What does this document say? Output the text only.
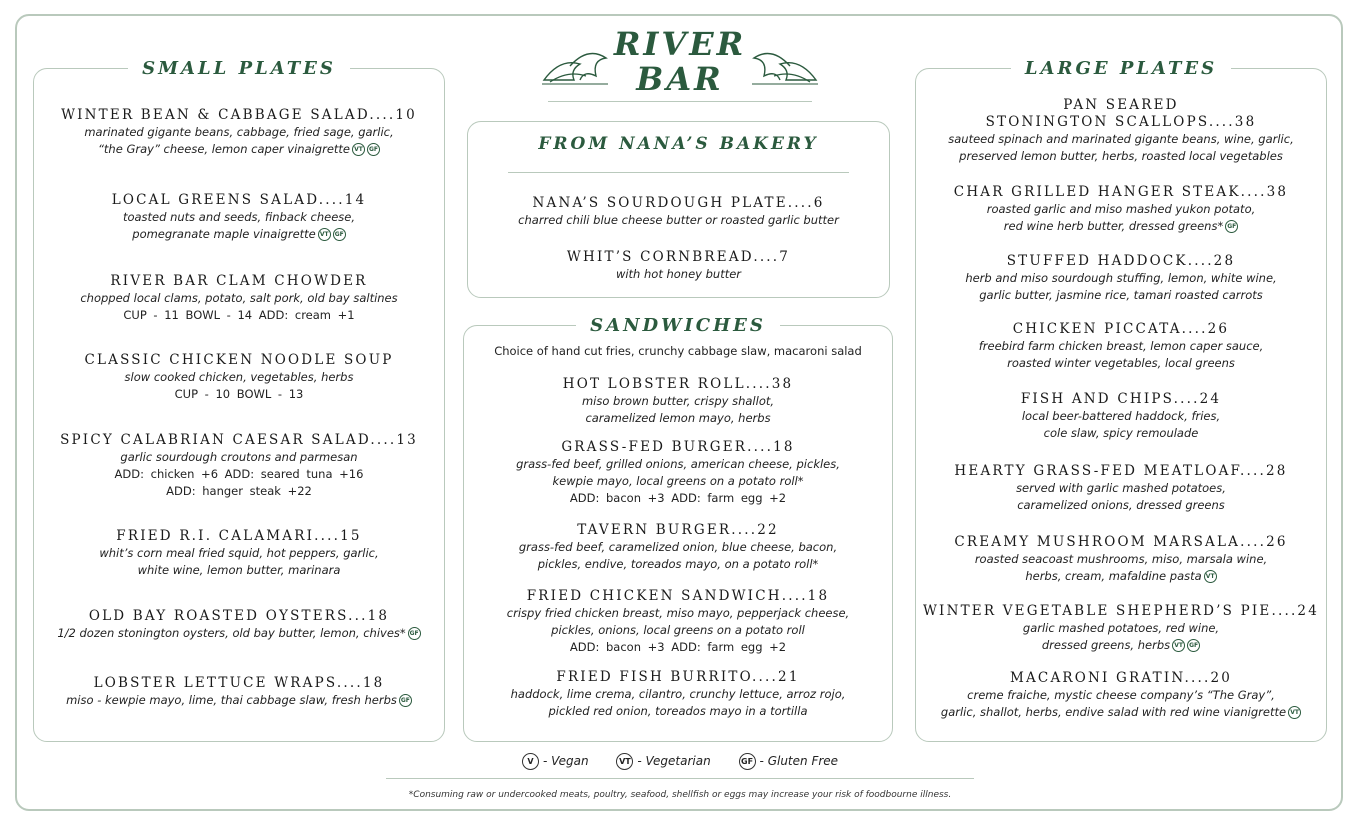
RIVER
BAR
SMALL PLATES
WINTER BEAN & CABBAGE SALAD....10
marinated gigante beans, cabbage, fried sage, garlic,
“the Gray” cheese, lemon caper vinaigrette VT GF
LOCAL GREENS SALAD....14
toasted nuts and seeds, finback cheese,
pomegranate maple vinaigrette VT GF
RIVER BAR CLAM CHOWDER
chopped local clams, potato, salt pork, old bay saltines
CUP - 11 BOWL - 14 ADD: cream +1
CLASSIC CHICKEN NOODLE SOUP
slow cooked chicken, vegetables, herbs
CUP - 10 BOWL - 13
SPICY CALABRIAN CAESAR SALAD....13
garlic sourdough croutons and parmesan
ADD: chicken +6 ADD: seared tuna +16
ADD: hanger steak +22
FRIED R.I. CALAMARI....15
whit’s corn meal fried squid, hot peppers, garlic,
white wine, lemon butter, marinara
OLD BAY ROASTED OYSTERS...18
1/2 dozen stonington oysters, old bay butter, lemon, chives* GF
LOBSTER LETTUCE WRAPS....18
miso - kewpie mayo, lime, thai cabbage slaw, fresh herbs GF
FROM NANA’S BAKERY
NANA’S SOURDOUGH PLATE....6
charred chili blue cheese butter or roasted garlic butter
WHIT’S CORNBREAD....7
with hot honey butter
SANDWICHES
Choice of hand cut fries, crunchy cabbage slaw, macaroni salad
HOT LOBSTER ROLL....38
miso brown butter, crispy shallot,
caramelized lemon mayo, herbs
GRASS-FED BURGER....18
grass-fed beef, grilled onions, american cheese, pickles,
kewpie mayo, local greens on a potato roll*
ADD: bacon +3 ADD: farm egg +2
TAVERN BURGER....22
grass-fed beef, caramelized onion, blue cheese, bacon,
pickles, endive, toreados mayo, on a potato roll*
FRIED CHICKEN SANDWICH....18
crispy fried chicken breast, miso mayo, pepperjack cheese,
pickles, onions, local greens on a potato roll
ADD: bacon +3 ADD: farm egg +2
FRIED FISH BURRITO....21
haddock, lime crema, cilantro, crunchy lettuce, arroz rojo,
pickled red onion, toreados mayo in a tortilla
LARGE PLATES
PAN SEARED
STONINGTON SCALLOPS....38
sauteed spinach and marinated gigante beans, wine, garlic,
preserved lemon butter, herbs, roasted local vegetables
CHAR GRILLED HANGER STEAK....38
roasted garlic and miso mashed yukon potato,
red wine herb butter, dressed greens* GF
STUFFED HADDOCK....28
herb and miso sourdough stuffing, lemon, white wine,
garlic butter, jasmine rice, tamari roasted carrots
CHICKEN PICCATA....26
freebird farm chicken breast, lemon caper sauce,
roasted winter vegetables, local greens
FISH AND CHIPS....24
local beer-battered haddock, fries,
cole slaw, spicy remoulade
HEARTY GRASS-FED MEATLOAF....28
served with garlic mashed potatoes,
caramelized onions, dressed greens
CREAMY MUSHROOM MARSALA....26
roasted seacoast mushrooms, miso, marsala wine,
herbs, cream, mafaldine pasta VT
WINTER VEGETABLE SHEPHERD’S PIE....24
garlic mashed potatoes, red wine,
dressed greens, herbs VT GF
MACARONI GRATIN....20
creme fraiche, mystic cheese company’s “The Gray”,
garlic, shallot, herbs, endive salad with red wine vianigrette VT
V - Vegan	VT - Vegetarian	GF - Gluten Free
*Consuming raw or undercooked meats, poultry, seafood, shellfish or eggs may increase your risk of foodbourne illness.
